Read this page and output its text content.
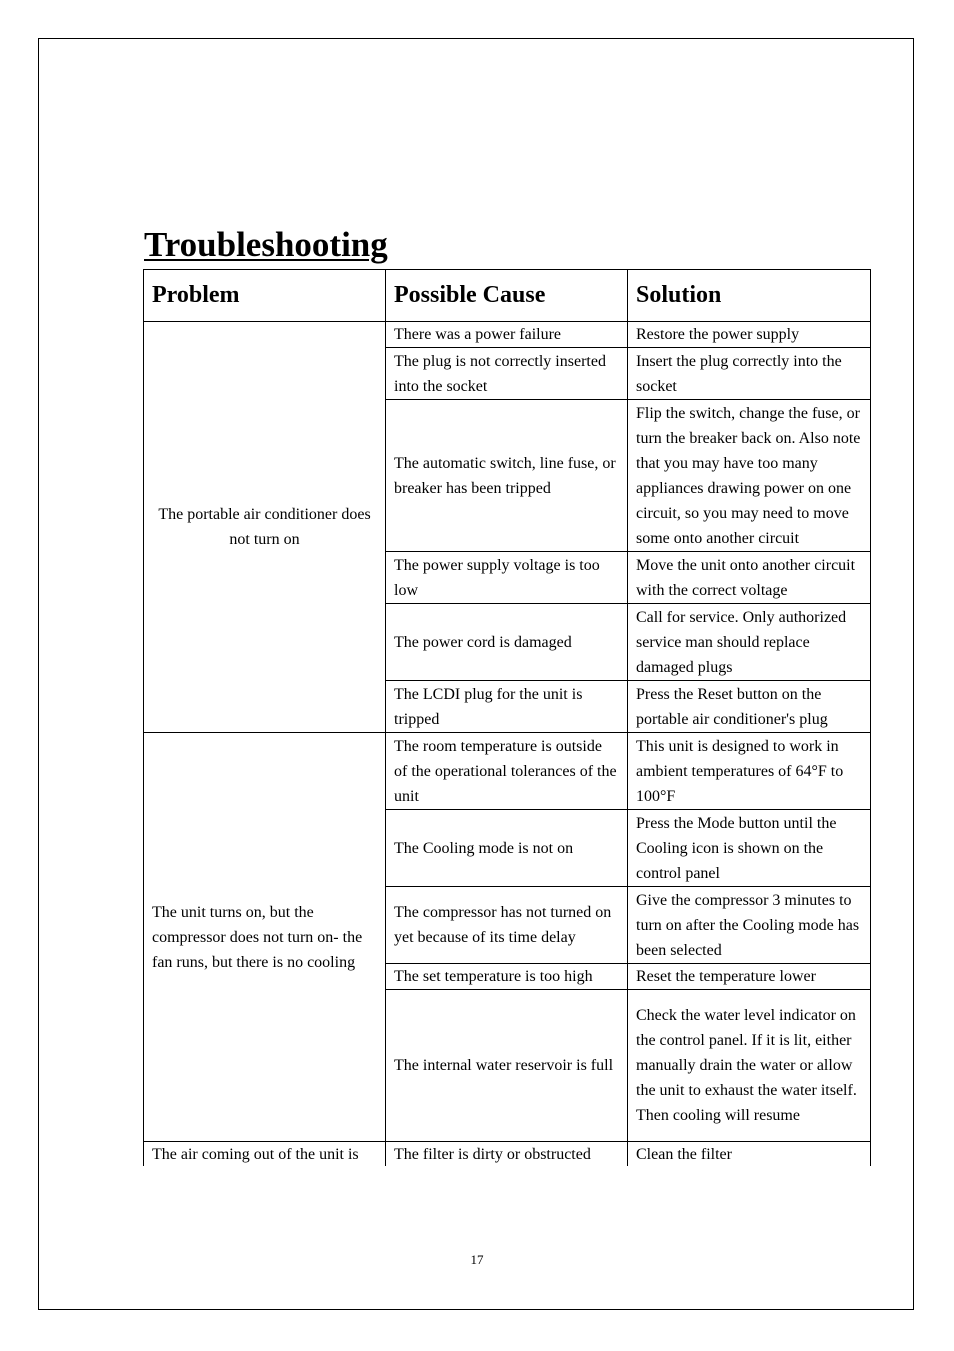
Troubleshooting
Problem	Possible Cause	Solution
The portable air conditioner does not turn on	There was a power failure	Restore the power supply
	The plug is not correctly inserted into the socket	Insert the plug correctly into the socket
	The automatic switch, line fuse, or breaker has been tripped	Flip the switch, change the fuse, or turn the breaker back on. Also note that you may have too many appliances drawing power on one circuit, so you may need to move some onto another circuit
	The power supply voltage is too low	Move the unit onto another circuit with the correct voltage
	The power cord is damaged	Call for service. Only authorized service man should replace damaged plugs
	The LCDI plug for the unit is tripped	Press the Reset button on the portable air conditioner's plug
The unit turns on, but the compressor does not turn on- the fan runs, but there is no cooling	The room temperature is outside of the operational tolerances of the unit	This unit is designed to work in ambient temperatures of 64°F to 100°F
	The Cooling mode is not on	Press the Mode button until the Cooling icon is shown on the control panel
	The compressor has not turned on yet because of its time delay	Give the compressor 3 minutes to turn on after the Cooling mode has been selected
	The set temperature is too high	Reset the temperature lower
	The internal water reservoir is full	Check the water level indicator on the control panel. If it is lit, either manually drain the water or allow the unit to exhaust the water itself. Then cooling will resume
The air coming out of the unit is	The filter is dirty or obstructed	Clean the filter
17
